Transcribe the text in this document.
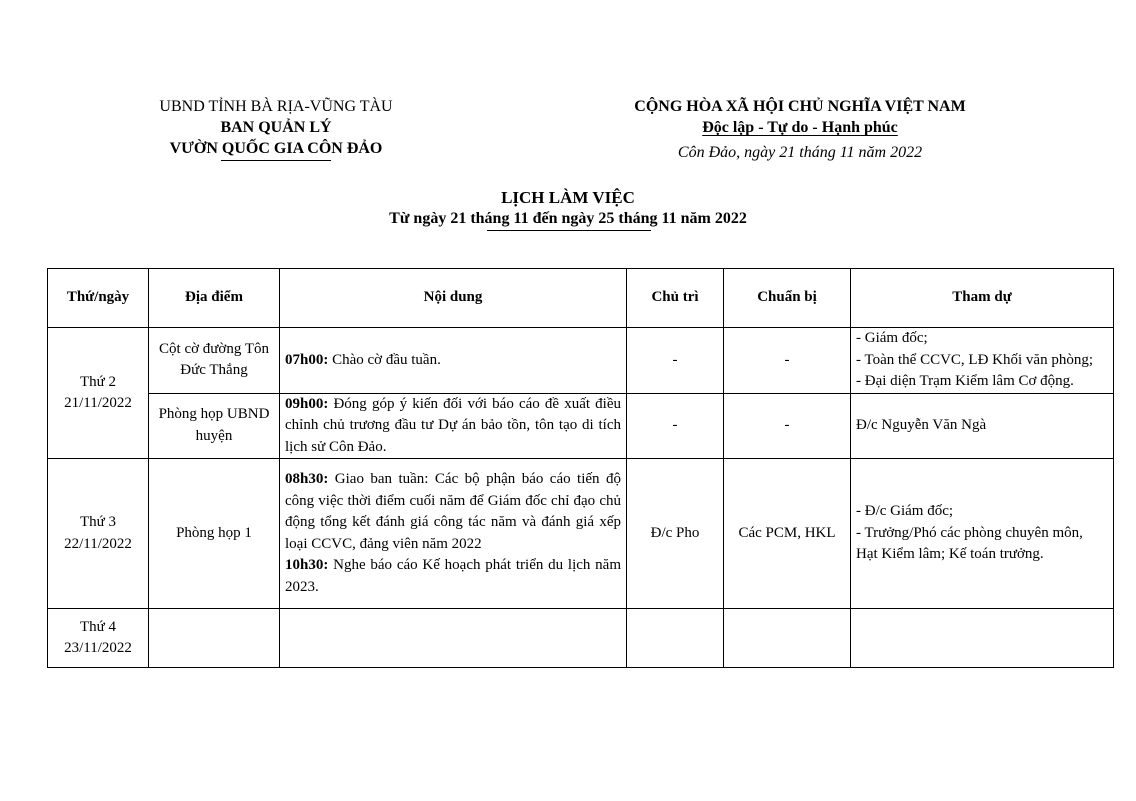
UBND TỈNH BÀ RỊA-VŨNG TÀU
BAN QUẢN LÝ
VƯỜN QUỐC GIA CÔN ĐẢO
CỘNG HÒA XÃ HỘI CHỦ NGHĨA VIỆT NAM
Độc lập - Tự do - Hạnh phúc
Côn Đảo, ngày 21 tháng 11 năm 2022
LỊCH LÀM VIỆC
Từ ngày 21 tháng 11 đến ngày 25 tháng 11 năm 2022
Thứ/ngày	Địa điểm	Nội dung	Chủ trì	Chuẩn bị	Tham dự

Thứ 2
21/11/2022	Cột cờ đường Tôn Đức Thắng	07h00: Chào cờ đầu tuần.	-	-	- Giám đốc;
- Toàn thể CCVC, LĐ Khối văn phòng;
- Đại diện Trạm Kiểm lâm Cơ động.

	Phòng họp UBND huyện	09h00: Đóng góp ý kiến đối với báo cáo đề xuất điều chỉnh chủ trương đầu tư Dự án bảo tồn, tôn tạo di tích lịch sử Côn Đảo.	-	-	Đ/c Nguyễn Văn Ngà

Thứ 3
22/11/2022	Phòng họp 1	08h30: Giao ban tuần: Các bộ phận báo cáo tiến độ công việc thời điểm cuối năm để Giám đốc chỉ đạo chủ động tổng kết đánh giá công tác năm và đánh giá xếp loại CCVC, đảng viên năm 2022
10h30: Nghe báo cáo Kế hoạch phát triển du lịch năm 2023.	Đ/c Pho	Các PCM, HKL	- Đ/c Giám đốc;
- Trưởng/Phó các phòng chuyên môn, Hạt Kiểm lâm; Kế toán trưởng.

Thứ 4
23/11/2022					
